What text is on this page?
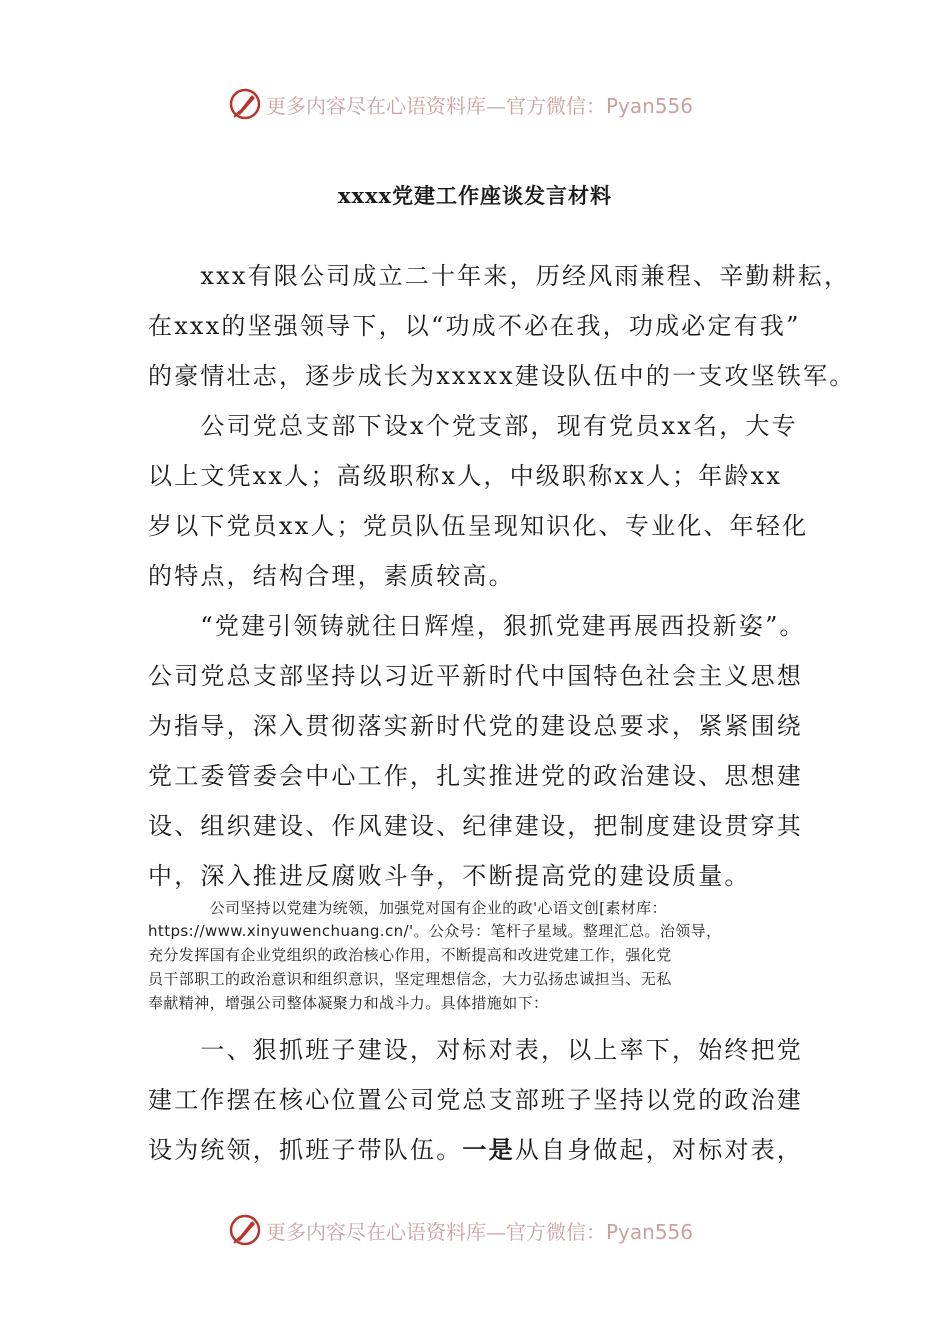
更多内容尽在心语资料库—官方微信：Pyan556
xxxx党建工作座谈发言材料
　　xxx有限公司成立二十年来，历经风雨兼程、辛勤耕耘，
在xxx的坚强领导下，以“功成不必在我，功成必定有我”
的豪情壮志，逐步成长为xxxxx建设队伍中的一支攻坚铁军。
　　公司党总支部下设x个党支部，现有党员xx名，大专
以上文凭xx人；高级职称x人，中级职称xx人；年龄xx
岁以下党员xx人；党员队伍呈现知识化、专业化、年轻化
的特点，结构合理，素质较高。
　　“党建引领铸就往日辉煌，狠抓党建再展西投新姿”。
公司党总支部坚持以习近平新时代中国特色社会主义思想
为指导，深入贯彻落实新时代党的建设总要求，紧紧围绕
党工委管委会中心工作，扎实推进党的政治建设、思想建
设、组织建设、作风建设、纪律建设，把制度建设贯穿其
中，深入推进反腐败斗争，不断提高党的建设质量。
　　　　公司坚持以党建为统领，加强党对国有企业的政'心语文创[素材库：
https://www.xinyuwenchuang.cn/'。公众号：笔杆子星域。整理汇总。治领导，
充分发挥国有企业党组织的政治核心作用，不断提高和改进党建工作，强化党
员干部职工的政治意识和组织意识，坚定理想信念，大力弘扬忠诚担当、无私
奉献精神，增强公司整体凝聚力和战斗力。具体措施如下：
　　一、狠抓班子建设，对标对表，以上率下，始终把党
建工作摆在核心位置公司党总支部班子坚持以党的政治建
设为统领，抓班子带队伍。一是从自身做起，对标对表，
更多内容尽在心语资料库—官方微信：Pyan556
